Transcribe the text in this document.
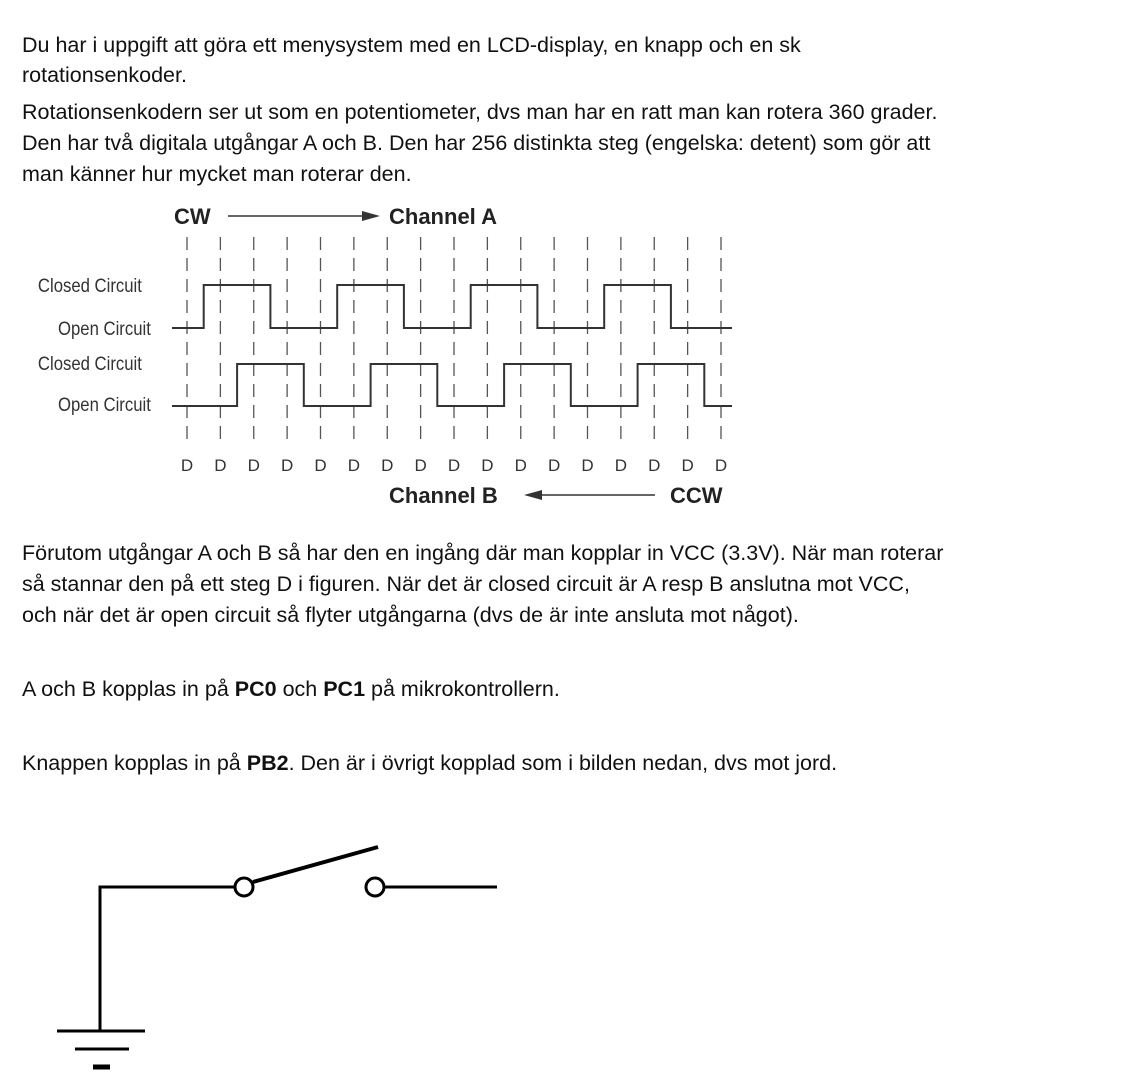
Du har i uppgift att göra ett menysystem med en LCD-display, en knapp och en sk
rotationsenkoder.
Rotationsenkodern ser ut som en potentiometer, dvs man har en ratt man kan rotera 360 grader.
Den har två digitala utgångar A och B. Den har 256 distinkta steg (engelska: detent) som gör att
man känner hur mycket man roterar den.
CW	Channel A
Closed Circuit
Open Circuit
Closed Circuit
Open Circuit
D D D D D D D D D D D D D D D D D
Channel B	CCW
Förutom utgångar A och B så har den en ingång där man kopplar in VCC (3.3V). När man roterar
så stannar den på ett steg D i figuren. När det är closed circuit är A resp B anslutna mot VCC,
och när det är open circuit så flyter utgångarna (dvs de är inte ansluta mot något).
A och B kopplas in på PC0 och PC1 på mikrokontrollern.
Knappen kopplas in på PB2. Den är i övrigt kopplad som i bilden nedan, dvs mot jord.
